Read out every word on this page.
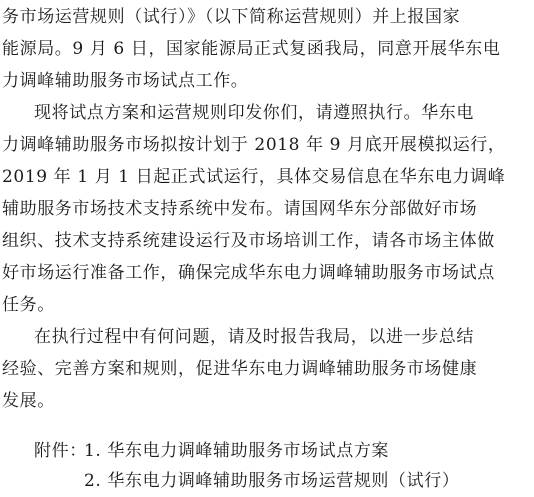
务市场运营规则（试行）》（以下简称运营规则）并上报国家
能源局。9 月 6 日，国家能源局正式复函我局，同意开展华东电
力调峰辅助服务市场试点工作。
现将试点方案和运营规则印发你们，请遵照执行。华东电
力调峰辅助服务市场拟按计划于 2018 年 9 月底开展模拟运行，
2019 年 1 月 1 日起正式试运行，具体交易信息在华东电力调峰
辅助服务市场技术支持系统中发布。请国网华东分部做好市场
组织、技术支持系统建设运行及市场培训工作，请各市场主体做
好市场运行准备工作，确保完成华东电力调峰辅助服务市场试点
任务。
在执行过程中有何问题，请及时报告我局，以进一步总结
经验、完善方案和规则，促进华东电力调峰辅助服务市场健康
发展。
附件：
1. 华东电力调峰辅助服务市场试点方案
2. 华东电力调峰辅助服务市场运营规则（试行）
